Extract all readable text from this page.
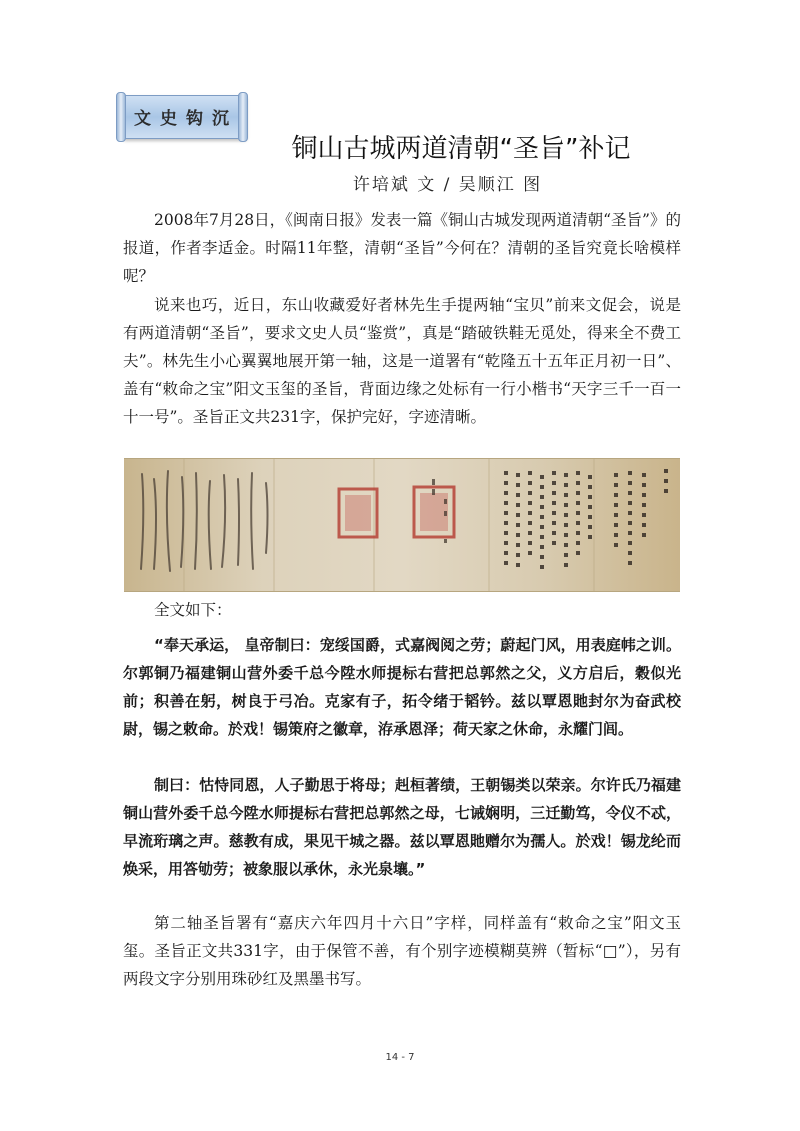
文史钩沉
铜山古城两道清朝“圣旨”补记
许培斌 文 / 吴顺江 图

2008年7月28日，《闽南日报》发表一篇《铜山古城发现两道清朝“圣旨”》的报道，作者李适金。时隔11年整，清朝“圣旨”今何在？清朝的圣旨究竟长啥模样呢？

说来也巧，近日，东山收藏爱好者林先生手提两轴“宝贝”前来文促会，说是有两道清朝“圣旨”，要求文史人员“鉴赏”，真是“踏破铁鞋无觅处，得来全不费工夫”。林先生小心翼翼地展开第一轴，这是一道署有“乾隆五十五年正月初一日”、盖有“敕命之宝”阳文玉玺的圣旨，背面边缘之处标有一行小楷书“天字三千一百一十一号”。圣旨正文共231字，保护完好，字迹清晰。

全文如下：

“奉天承运， 皇帝制曰：宠绥国爵，式嘉阀阅之劳；蔚起门风，用表庭帏之训。尔郭铜乃福建铜山营外委千总今陞水师提标右营把总郭然之父，义方启后，穀似光前；积善在躬，树良于弓冶。克家有子，拓令绪于韬钤。兹以覃恩貤封尔为奋武校尉，锡之敕命。於戏！锡策府之徽章，洊承恩泽；荷天家之休命，永耀门闾。

制曰：怙恃同恩，人子勤思于将母；赳桓著绩，王朝锡类以荣亲。尔许氏乃福建铜山营外委千总今陞水师提标右营把总郭然之母，七诫娴明，三迁勤笃，令仪不忒，早流珩璃之声。慈教有成，果见干城之器。兹以覃恩貤赠尔为孺人。於戏！锡龙纶而焕采，用答劬劳；被象服以承休，永光泉壤。”

第二轴圣旨署有“嘉庆六年四月十六日”字样，同样盖有“敕命之宝”阳文玉玺。圣旨正文共331字，由于保管不善，有个别字迹模糊莫辨（暂标“□”），另有两段文字分别用珠砂红及黑墨书写。

14 - 7
